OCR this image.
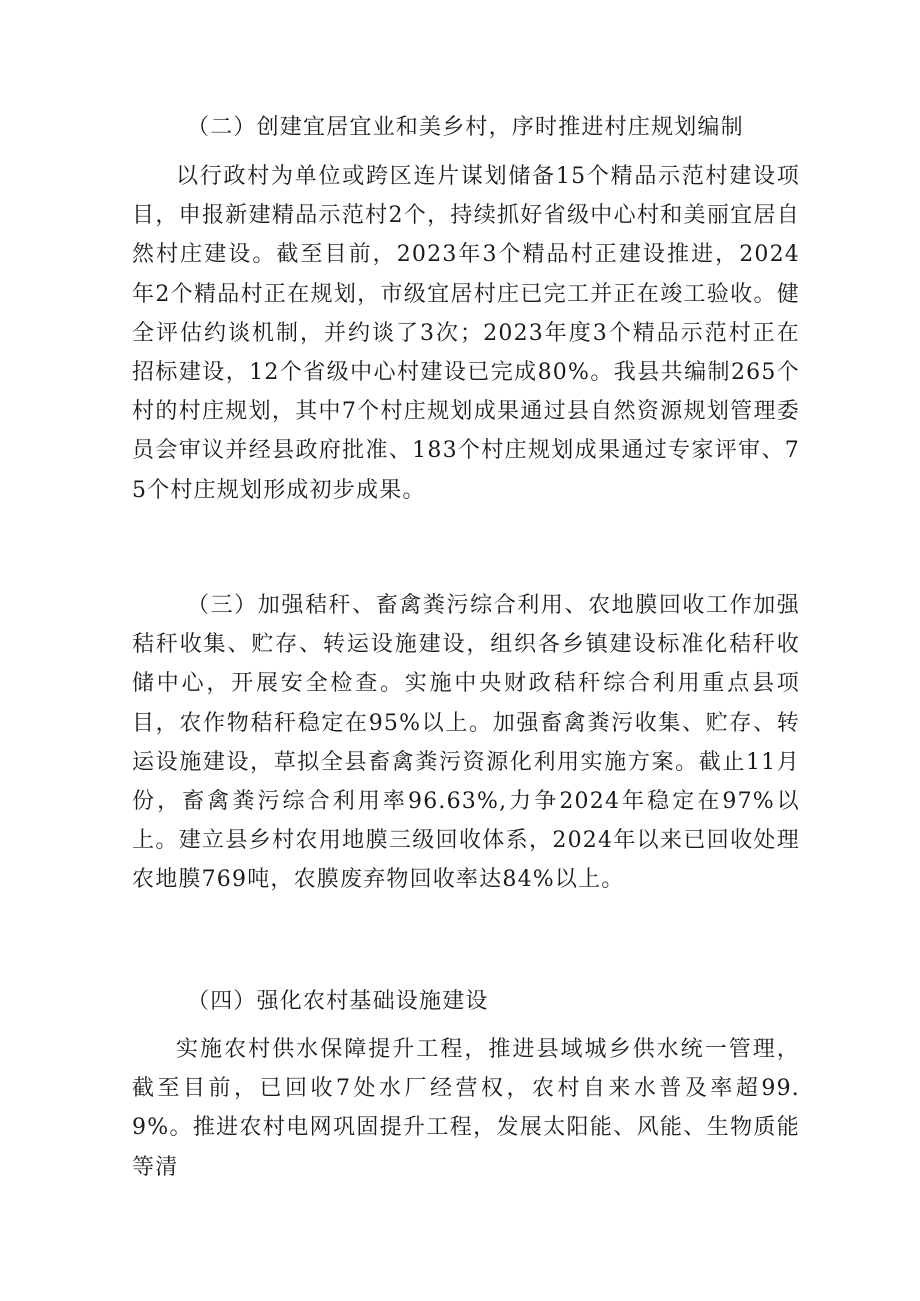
（二）创建宜居宜业和美乡村，序时推进村庄规划编制

以行政村为单位或跨区连片谋划储备15个精品示范村建设项目，申报新建精品示范村2个，持续抓好省级中心村和美丽宜居自然村庄建设。截至目前，2023年3个精品村正建设推进，2024年2个精品村正在规划，市级宜居村庄已完工并正在竣工验收。健全评估约谈机制，并约谈了3次；2023年度3个精品示范村正在招标建设，12个省级中心村建设已完成80%。我县共编制265个村的村庄规划，其中7个村庄规划成果通过县自然资源规划管理委员会审议并经县政府批准、183个村庄规划成果通过专家评审、75个村庄规划形成初步成果。

（三）加强秸秆、畜禽粪污综合利用、农地膜回收工作加强秸秆收集、贮存、转运设施建设，组织各乡镇建设标准化秸秆收储中心，开展安全检查。实施中央财政秸秆综合利用重点县项目，农作物秸秆稳定在95%以上。加强畜禽粪污收集、贮存、转运设施建设，草拟全县畜禽粪污资源化利用实施方案。截止11月份，畜禽粪污综合利用率96.63%,力争2024年稳定在97%以上。建立县乡村农用地膜三级回收体系，2024年以来已回收处理农地膜769吨，农膜废弃物回收率达84%以上。

（四）强化农村基础设施建设

实施农村供水保障提升工程，推进县域城乡供水统一管理，截至目前，已回收7处水厂经营权，农村自来水普及率超99.9%。推进农村电网巩固提升工程，发展太阳能、风能、生物质能等清
